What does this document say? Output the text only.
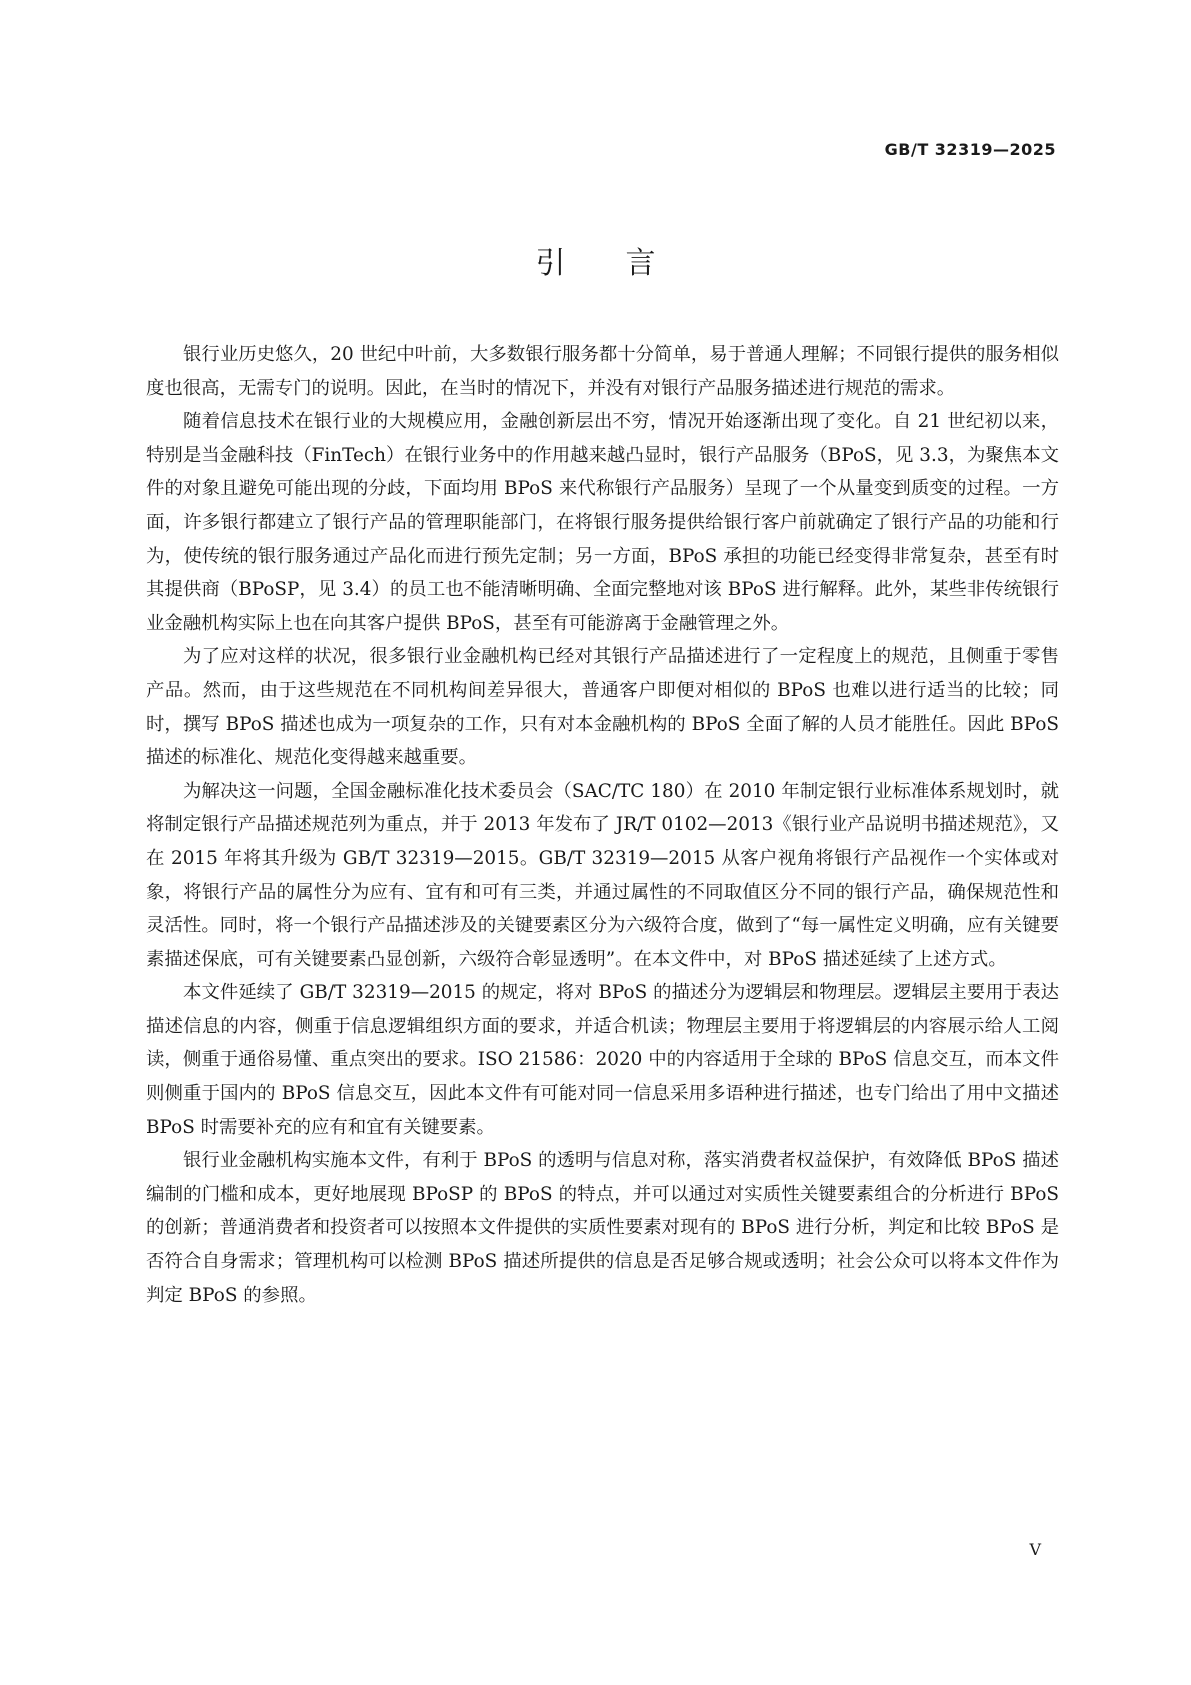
GB/T 32319—2025
引言

银行业历史悠久，20 世纪中叶前，大多数银行服务都十分简单，易于普通人理解；不同银行提供的服务相似度也很高，无需专门的说明。因此，在当时的情况下，并没有对银行产品服务描述进行规范的需求。

随着信息技术在银行业的大规模应用，金融创新层出不穷，情况开始逐渐出现了变化。自 21 世纪初以来，特别是当金融科技（FinTech）在银行业务中的作用越来越凸显时，银行产品服务（BPoS，见 3.3，为聚焦本文件的对象且避免可能出现的分歧，下面均用 BPoS 来代称银行产品服务）呈现了一个从量变到质变的过程。一方面，许多银行都建立了银行产品的管理职能部门，在将银行服务提供给银行客户前就确定了银行产品的功能和行为，使传统的银行服务通过产品化而进行预先定制；另一方面，BPoS 承担的功能已经变得非常复杂，甚至有时其提供商（BPoSP，见 3.4）的员工也不能清晰明确、全面完整地对该 BPoS 进行解释。此外，某些非传统银行业金融机构实际上也在向其客户提供 BPoS，甚至有可能游离于金融管理之外。

为了应对这样的状况，很多银行业金融机构已经对其银行产品描述进行了一定程度上的规范，且侧重于零售产品。然而，由于这些规范在不同机构间差异很大，普通客户即便对相似的 BPoS 也难以进行适当的比较；同时，撰写 BPoS 描述也成为一项复杂的工作，只有对本金融机构的 BPoS 全面了解的人员才能胜任。因此 BPoS 描述的标准化、规范化变得越来越重要。

为解决这一问题，全国金融标准化技术委员会（SAC/TC 180）在 2010 年制定银行业标准体系规划时，就将制定银行产品描述规范列为重点，并于 2013 年发布了 JR/T 0102—2013《银行业产品说明书描述规范》，又在 2015 年将其升级为 GB/T 32319—2015。GB/T 32319—2015 从客户视角将银行产品视作一个实体或对象，将银行产品的属性分为应有、宜有和可有三类，并通过属性的不同取值区分不同的银行产品，确保规范性和灵活性。同时，将一个银行产品描述涉及的关键要素区分为六级符合度，做到了“每一属性定义明确，应有关键要素描述保底，可有关键要素凸显创新，六级符合彰显透明”。在本文件中，对 BPoS 描述延续了上述方式。

本文件延续了 GB/T 32319—2015 的规定，将对 BPoS 的描述分为逻辑层和物理层。逻辑层主要用于表达描述信息的内容，侧重于信息逻辑组织方面的要求，并适合机读；物理层主要用于将逻辑层的内容展示给人工阅读，侧重于通俗易懂、重点突出的要求。ISO 21586：2020 中的内容适用于全球的 BPoS 信息交互，而本文件则侧重于国内的 BPoS 信息交互，因此本文件有可能对同一信息采用多语种进行描述，也专门给出了用中文描述 BPoS 时需要补充的应有和宜有关键要素。

银行业金融机构实施本文件，有利于 BPoS 的透明与信息对称，落实消费者权益保护，有效降低 BPoS 描述编制的门槛和成本，更好地展现 BPoSP 的 BPoS 的特点，并可以通过对实质性关键要素组合的分析进行 BPoS 的创新；普通消费者和投资者可以按照本文件提供的实质性要素对现有的 BPoS 进行分析，判定和比较 BPoS 是否符合自身需求；管理机构可以检测 BPoS 描述所提供的信息是否足够合规或透明；社会公众可以将本文件作为判定 BPoS 的参照。

V
